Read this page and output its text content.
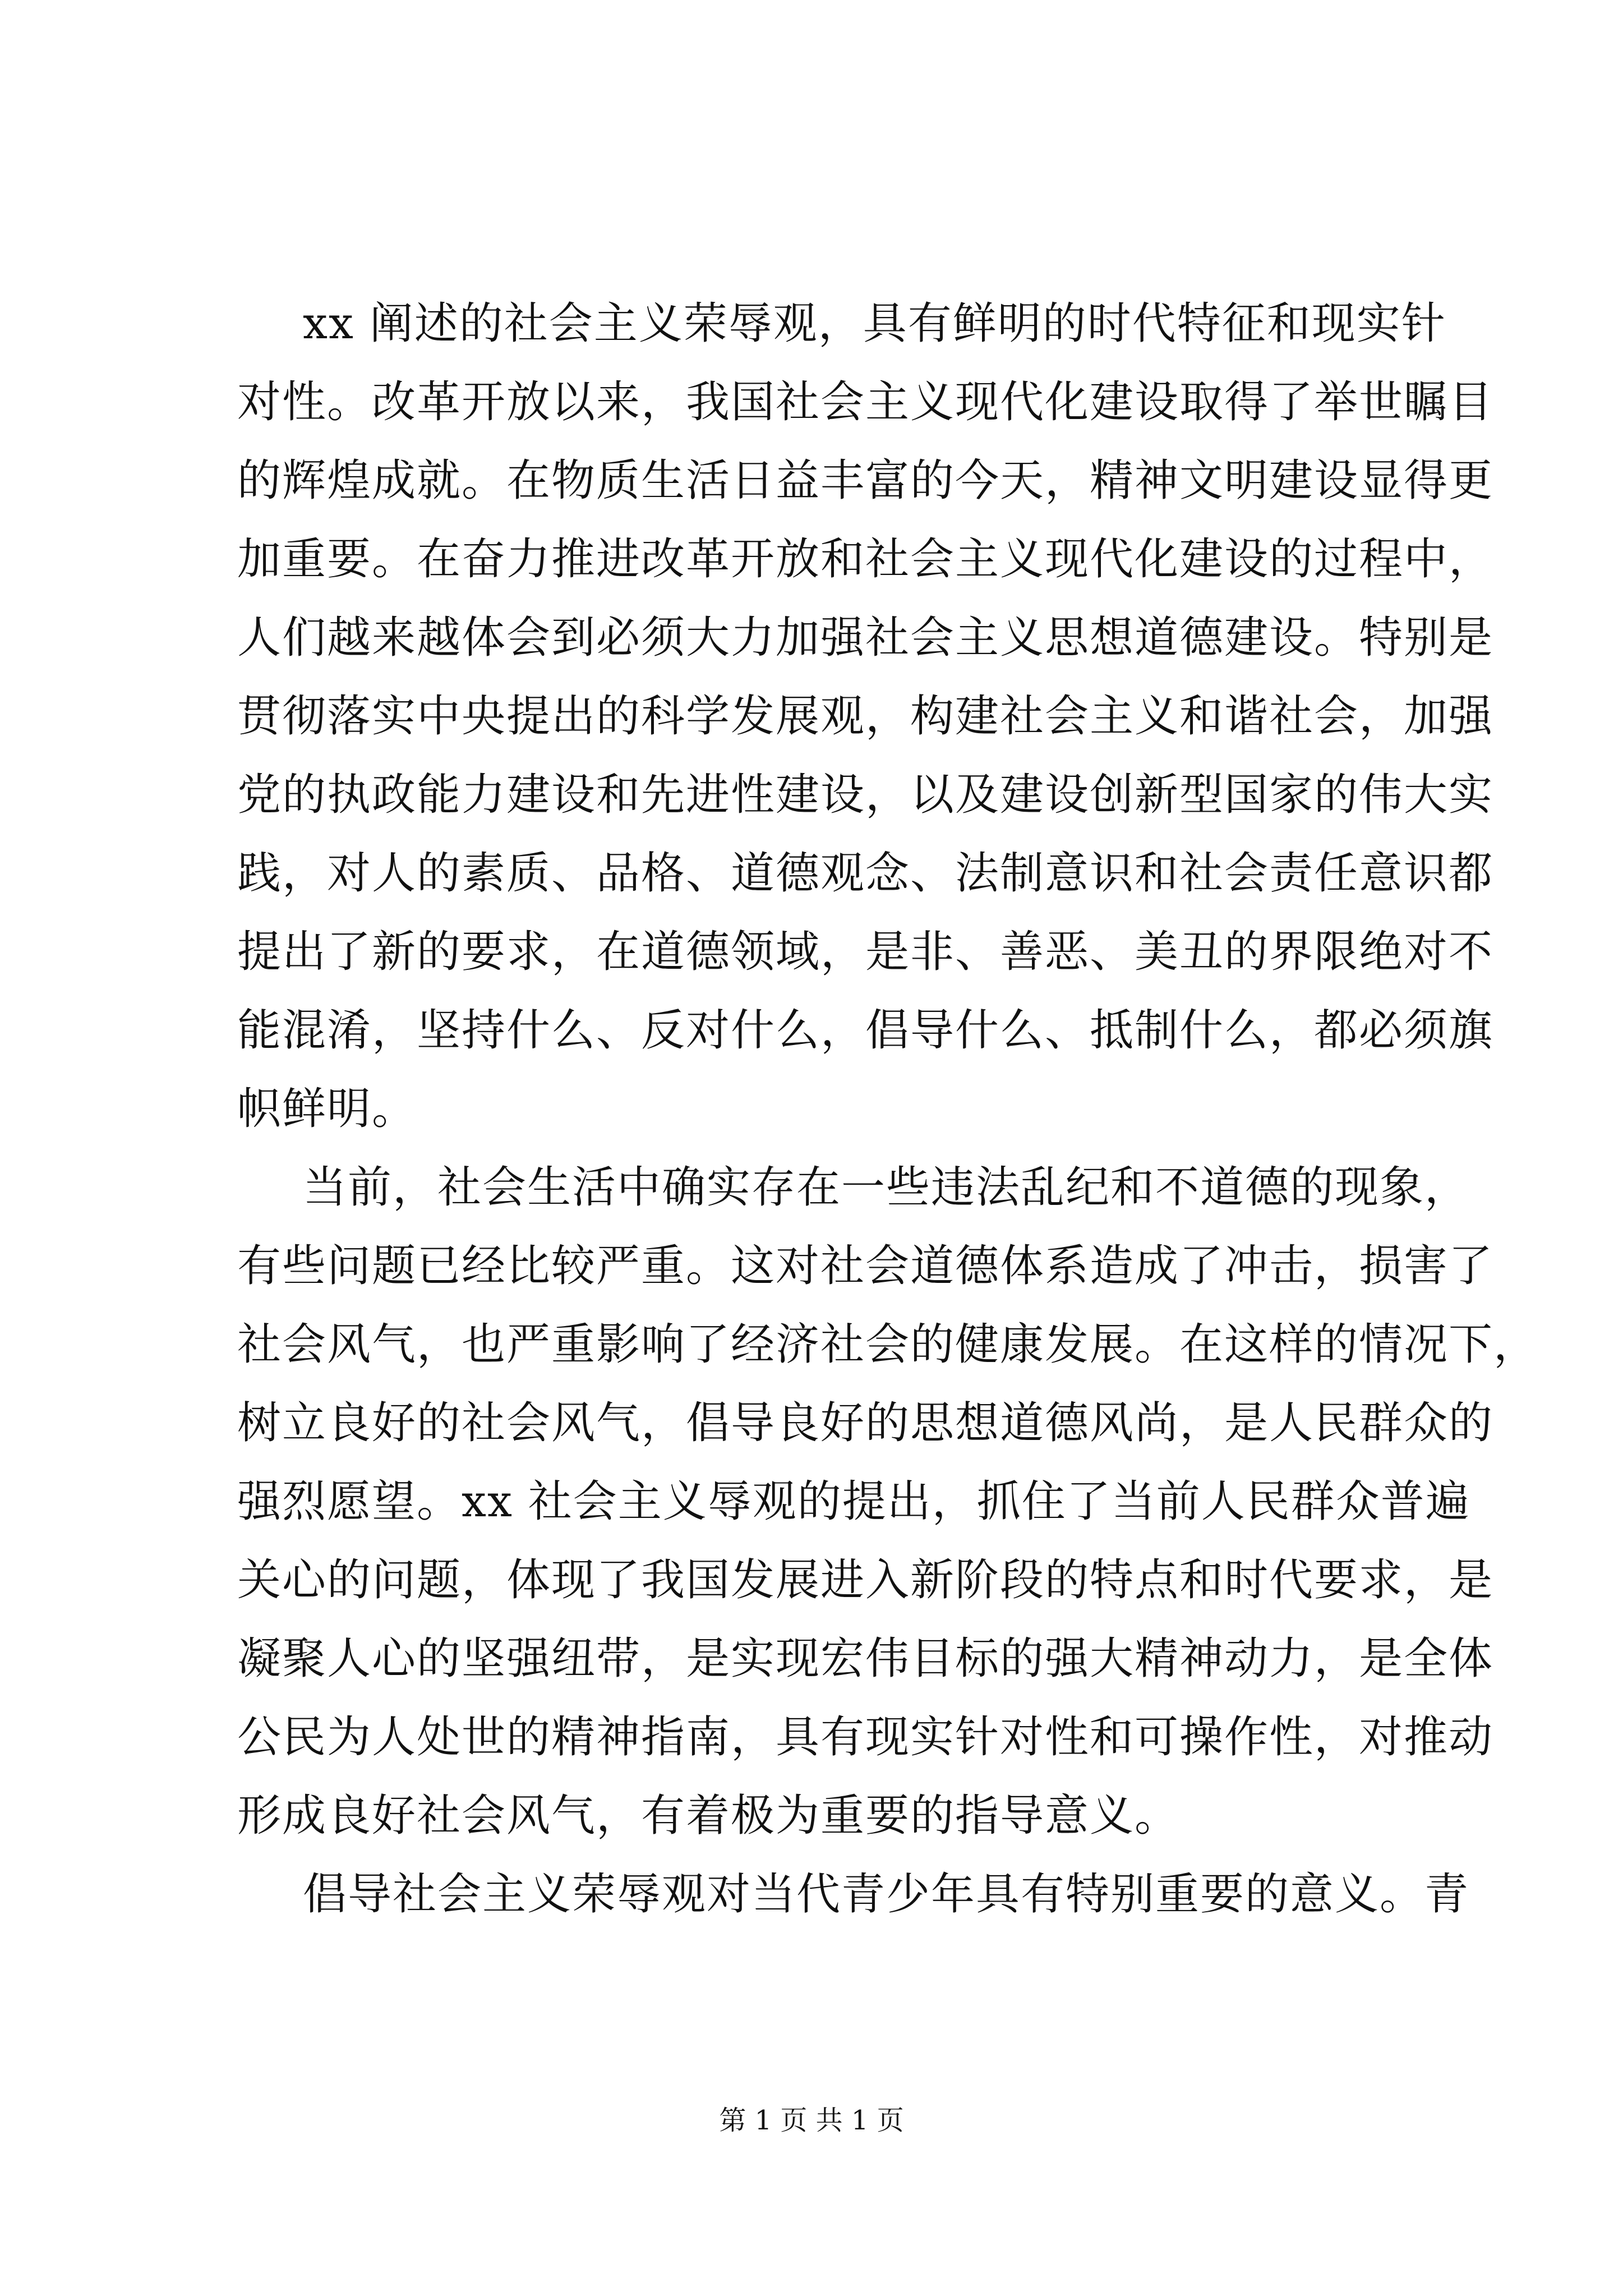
xx 阐述的社会主义荣辱观，具有鲜明的时代特征和现实针
对性。改革开放以来，我国社会主义现代化建设取得了举世瞩目
的辉煌成就。在物质生活日益丰富的今天，精神文明建设显得更
加重要。在奋力推进改革开放和社会主义现代化建设的过程中，
人们越来越体会到必须大力加强社会主义思想道德建设。特别是
贯彻落实中央提出的科学发展观，构建社会主义和谐社会，加强
党的执政能力建设和先进性建设，以及建设创新型国家的伟大实
践，对人的素质、品格、道德观念、法制意识和社会责任意识都
提出了新的要求，在道德领域，是非、善恶、美丑的界限绝对不
能混淆，坚持什么、反对什么，倡导什么、抵制什么，都必须旗
帜鲜明。
当前，社会生活中确实存在一些违法乱纪和不道德的现象，
有些问题已经比较严重。这对社会道德体系造成了冲击，损害了
社会风气，也严重影响了经济社会的健康发展。在这样的情况下，
树立良好的社会风气，倡导良好的思想道德风尚，是人民群众的
强烈愿望。xx 社会主义辱观的提出，抓住了当前人民群众普遍
关心的问题，体现了我国发展进入新阶段的特点和时代要求，是
凝聚人心的坚强纽带，是实现宏伟目标的强大精神动力，是全体
公民为人处世的精神指南，具有现实针对性和可操作性，对推动
形成良好社会风气，有着极为重要的指导意义。
倡导社会主义荣辱观对当代青少年具有特别重要的意义。青
第 1 页 共 1 页
